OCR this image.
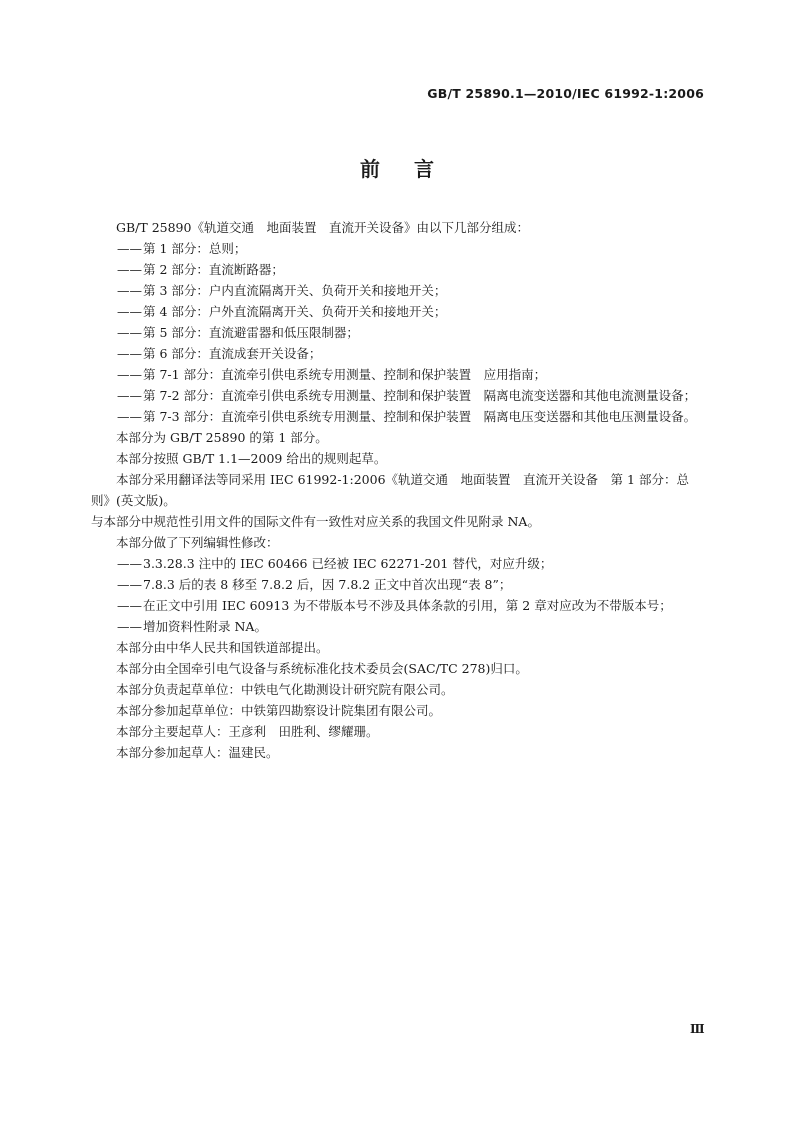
GB/T 25890.1—2010/IEC 61992-1:2006
前言
GB/T 25890《轨道交通　地面装置　直流开关设备》由以下几部分组成：
——第 1 部分：总则；
——第 2 部分：直流断路器；
——第 3 部分：户内直流隔离开关、负荷开关和接地开关；
——第 4 部分：户外直流隔离开关、负荷开关和接地开关；
——第 5 部分：直流避雷器和低压限制器；
——第 6 部分：直流成套开关设备；
——第 7-1 部分：直流牵引供电系统专用测量、控制和保护装置　应用指南；
——第 7-2 部分：直流牵引供电系统专用测量、控制和保护装置　隔离电流变送器和其他电流测量设备；
——第 7-3 部分：直流牵引供电系统专用测量、控制和保护装置　隔离电压变送器和其他电压测量设备。
本部分为 GB/T 25890 的第 1 部分。
本部分按照 GB/T 1.1—2009 给出的规则起草。
本部分采用翻译法等同采用 IEC 61992-1:2006《轨道交通　地面装置　直流开关设备　第 1 部分：总则》(英文版)。
与本部分中规范性引用文件的国际文件有一致性对应关系的我国文件见附录 NA。
本部分做了下列编辑性修改：
——3.3.28.3 注中的 IEC 60466 已经被 IEC 62271-201 替代，对应升级；
——7.8.3 后的表 8 移至 7.8.2 后，因 7.8.2 正文中首次出现“表 8”；
——在正文中引用 IEC 60913 为不带版本号不涉及具体条款的引用，第 2 章对应改为不带版本号；
——增加资料性附录 NA。
本部分由中华人民共和国铁道部提出。
本部分由全国牵引电气设备与系统标准化技术委员会(SAC/TC 278)归口。
本部分负责起草单位：中铁电气化勘测设计研究院有限公司。
本部分参加起草单位：中铁第四勘察设计院集团有限公司。
本部分主要起草人：王彦利　田胜利、缪耀珊。
本部分参加起草人：温建民。
Ⅲ
